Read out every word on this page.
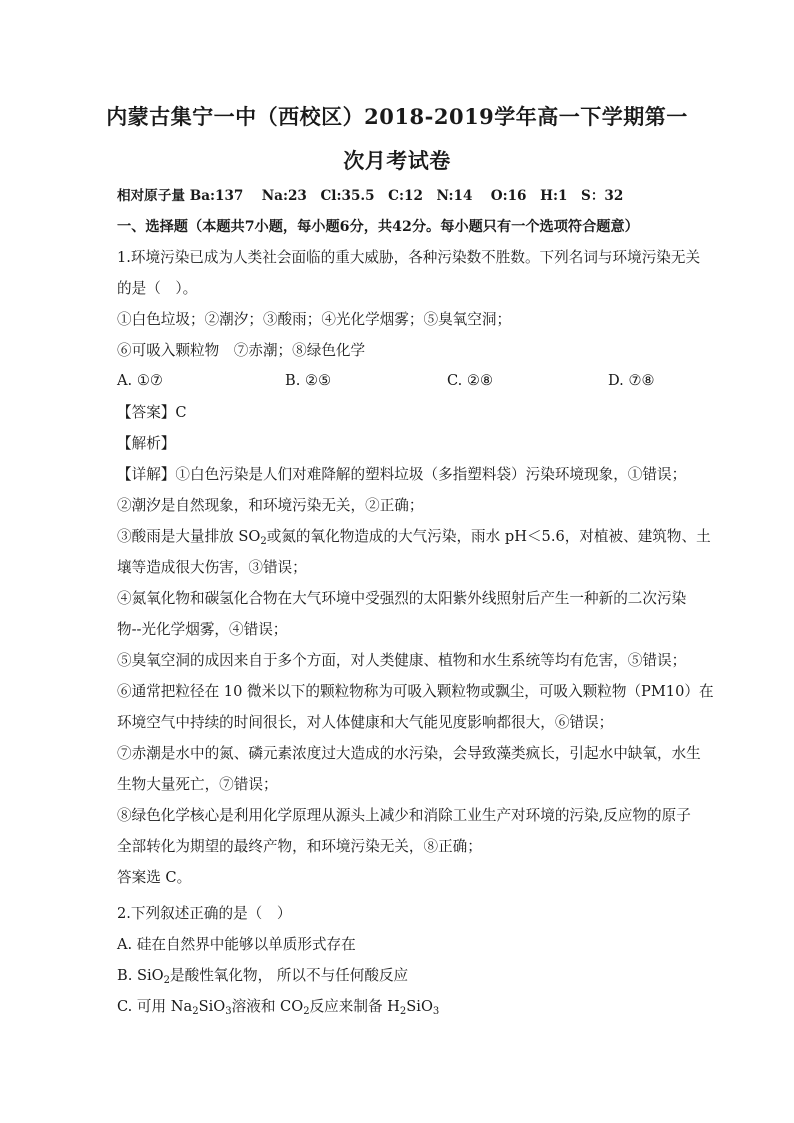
内蒙古集宁一中（西校区）2018-2019学年高一下学期第一
次月考试卷
相对原子量 Ba:137　 Na:23　Cl:35.5　C:12　N:14　 O:16　H:1　S：32
一、选择题（本题共7小题，每小题6分，共42分。每小题只有一个选项符合题意）
1.环境污染已成为人类社会面临的重大威胁，各种污染数不胜数。下列名词与环境污染无关
的是（　）。
①白色垃圾；②潮汐；③酸雨；④光化学烟雾；⑤臭氧空洞；
⑥可吸入颗粒物　⑦赤潮；⑧绿色化学
A. ①⑦	B. ②⑤	C. ②⑧	D. ⑦⑧
【答案】C
【解析】
【详解】①白色污染是人们对难降解的塑料垃圾（多指塑料袋）污染环境现象，①错误；
②潮汐是自然现象，和环境污染无关，②正确；
③酸雨是大量排放 $SO_2$或氮的氧化物造成的大气污染，雨水 pH＜5.6，对植被、建筑物、土
壤等造成很大伤害，③错误；
④氮氧化物和碳氢化合物在大气环境中受强烈的太阳紫外线照射后产生一种新的二次污染
物--光化学烟雾，④错误；
⑤臭氧空洞的成因来自于多个方面，对人类健康、植物和水生系统等均有危害，⑤错误；
⑥通常把粒径在 10 微米以下的颗粒物称为可吸入颗粒物或飘尘，可吸入颗粒物（PM10）在
环境空气中持续的时间很长，对人体健康和大气能见度影响都很大，⑥错误；
⑦赤潮是水中的氮、磷元素浓度过大造成的水污染，会导致藻类疯长，引起水中缺氧，水生
生物大量死亡，⑦错误；
⑧绿色化学核心是利用化学原理从源头上减少和消除工业生产对环境的污染,反应物的原子
全部转化为期望的最终产物，和环境污染无关，⑧正确；
答案选 C。
2.下列叙述正确的是（　）
A. 硅在自然界中能够以单质形式存在
B. SiO$_2$是酸性氧化物， 所以不与任何酸反应
C. 可用 $Na_2SiO_3$溶液和 $CO_2$反应来制备 $H_2SiO_3$
